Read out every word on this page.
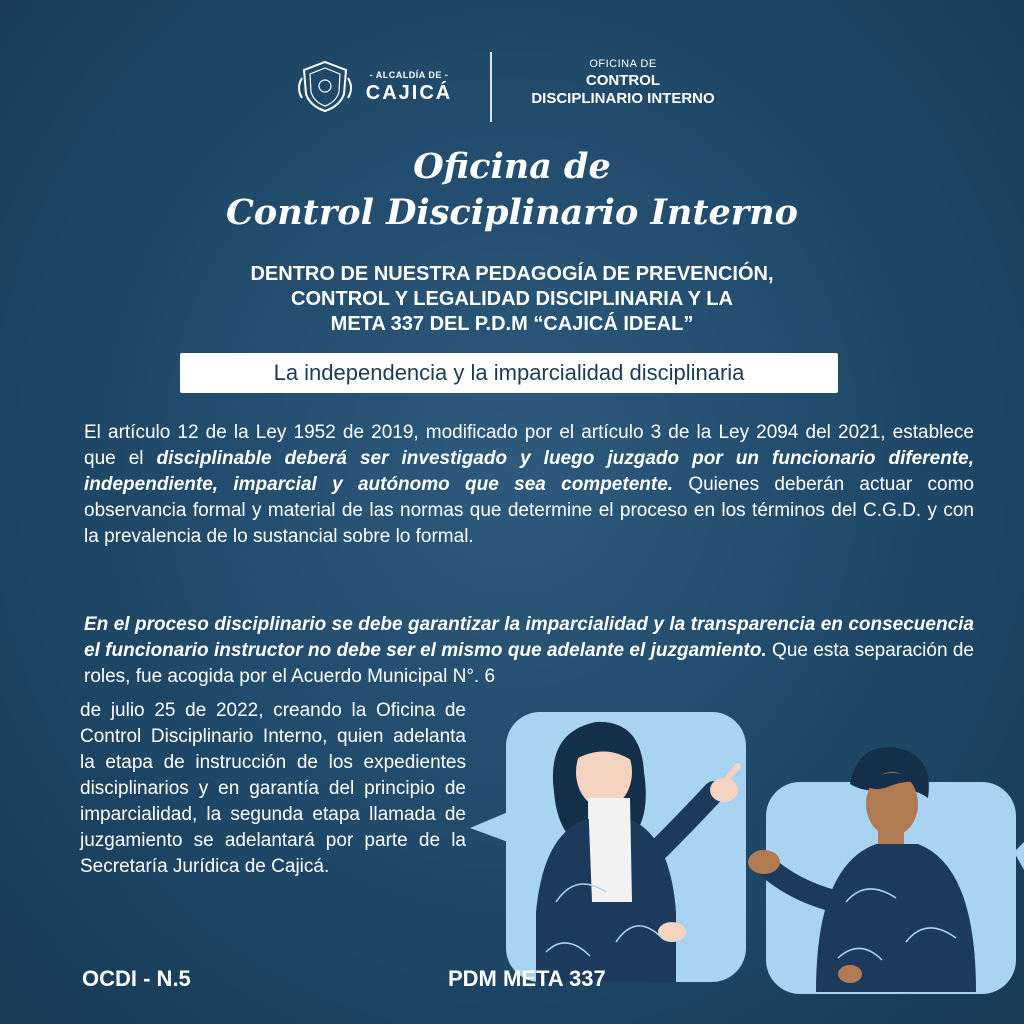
- ALCALDÍA DE -
CAJICÁ
OFICINA DE
CONTROL
DISCIPLINARIO INTERNO
Oficina de
Control Disciplinario Interno
DENTRO DE NUESTRA PEDAGOGÍA DE PREVENCIÓN,
CONTROL Y LEGALIDAD DISCIPLINARIA Y LA
META 337 DEL P.D.M “CAJICÁ IDEAL”
La independencia y la imparcialidad disciplinaria
El artículo 12 de la Ley 1952 de 2019, modificado por el artículo 3 de la Ley 2094 del 2021, establece que el disciplinable deberá ser investigado y luego juzgado por un funcionario diferente, independiente, imparcial y autónomo que sea competente. Quienes deberán actuar como observancia formal y material de las normas que determine el proceso en los términos del C.G.D. y con la prevalencia de lo sustancial sobre lo formal.
En el proceso disciplinario se debe garantizar la imparcialidad y la transparencia en consecuencia el funcionario instructor no debe ser el mismo que adelante el juzgamiento. Que esta separación de roles, fue acogida por el Acuerdo Municipal N°. 6
de julio 25 de 2022, creando la Oficina de Control Disciplinario Interno, quien adelanta la etapa de instrucción de los expedientes disciplinarios y en garantía del principio de imparcialidad, la segunda etapa llamada de juzgamiento se adelantará por parte de la Secretaría Jurídica de Cajicá.
OCDI - N.5	PDM META 337
